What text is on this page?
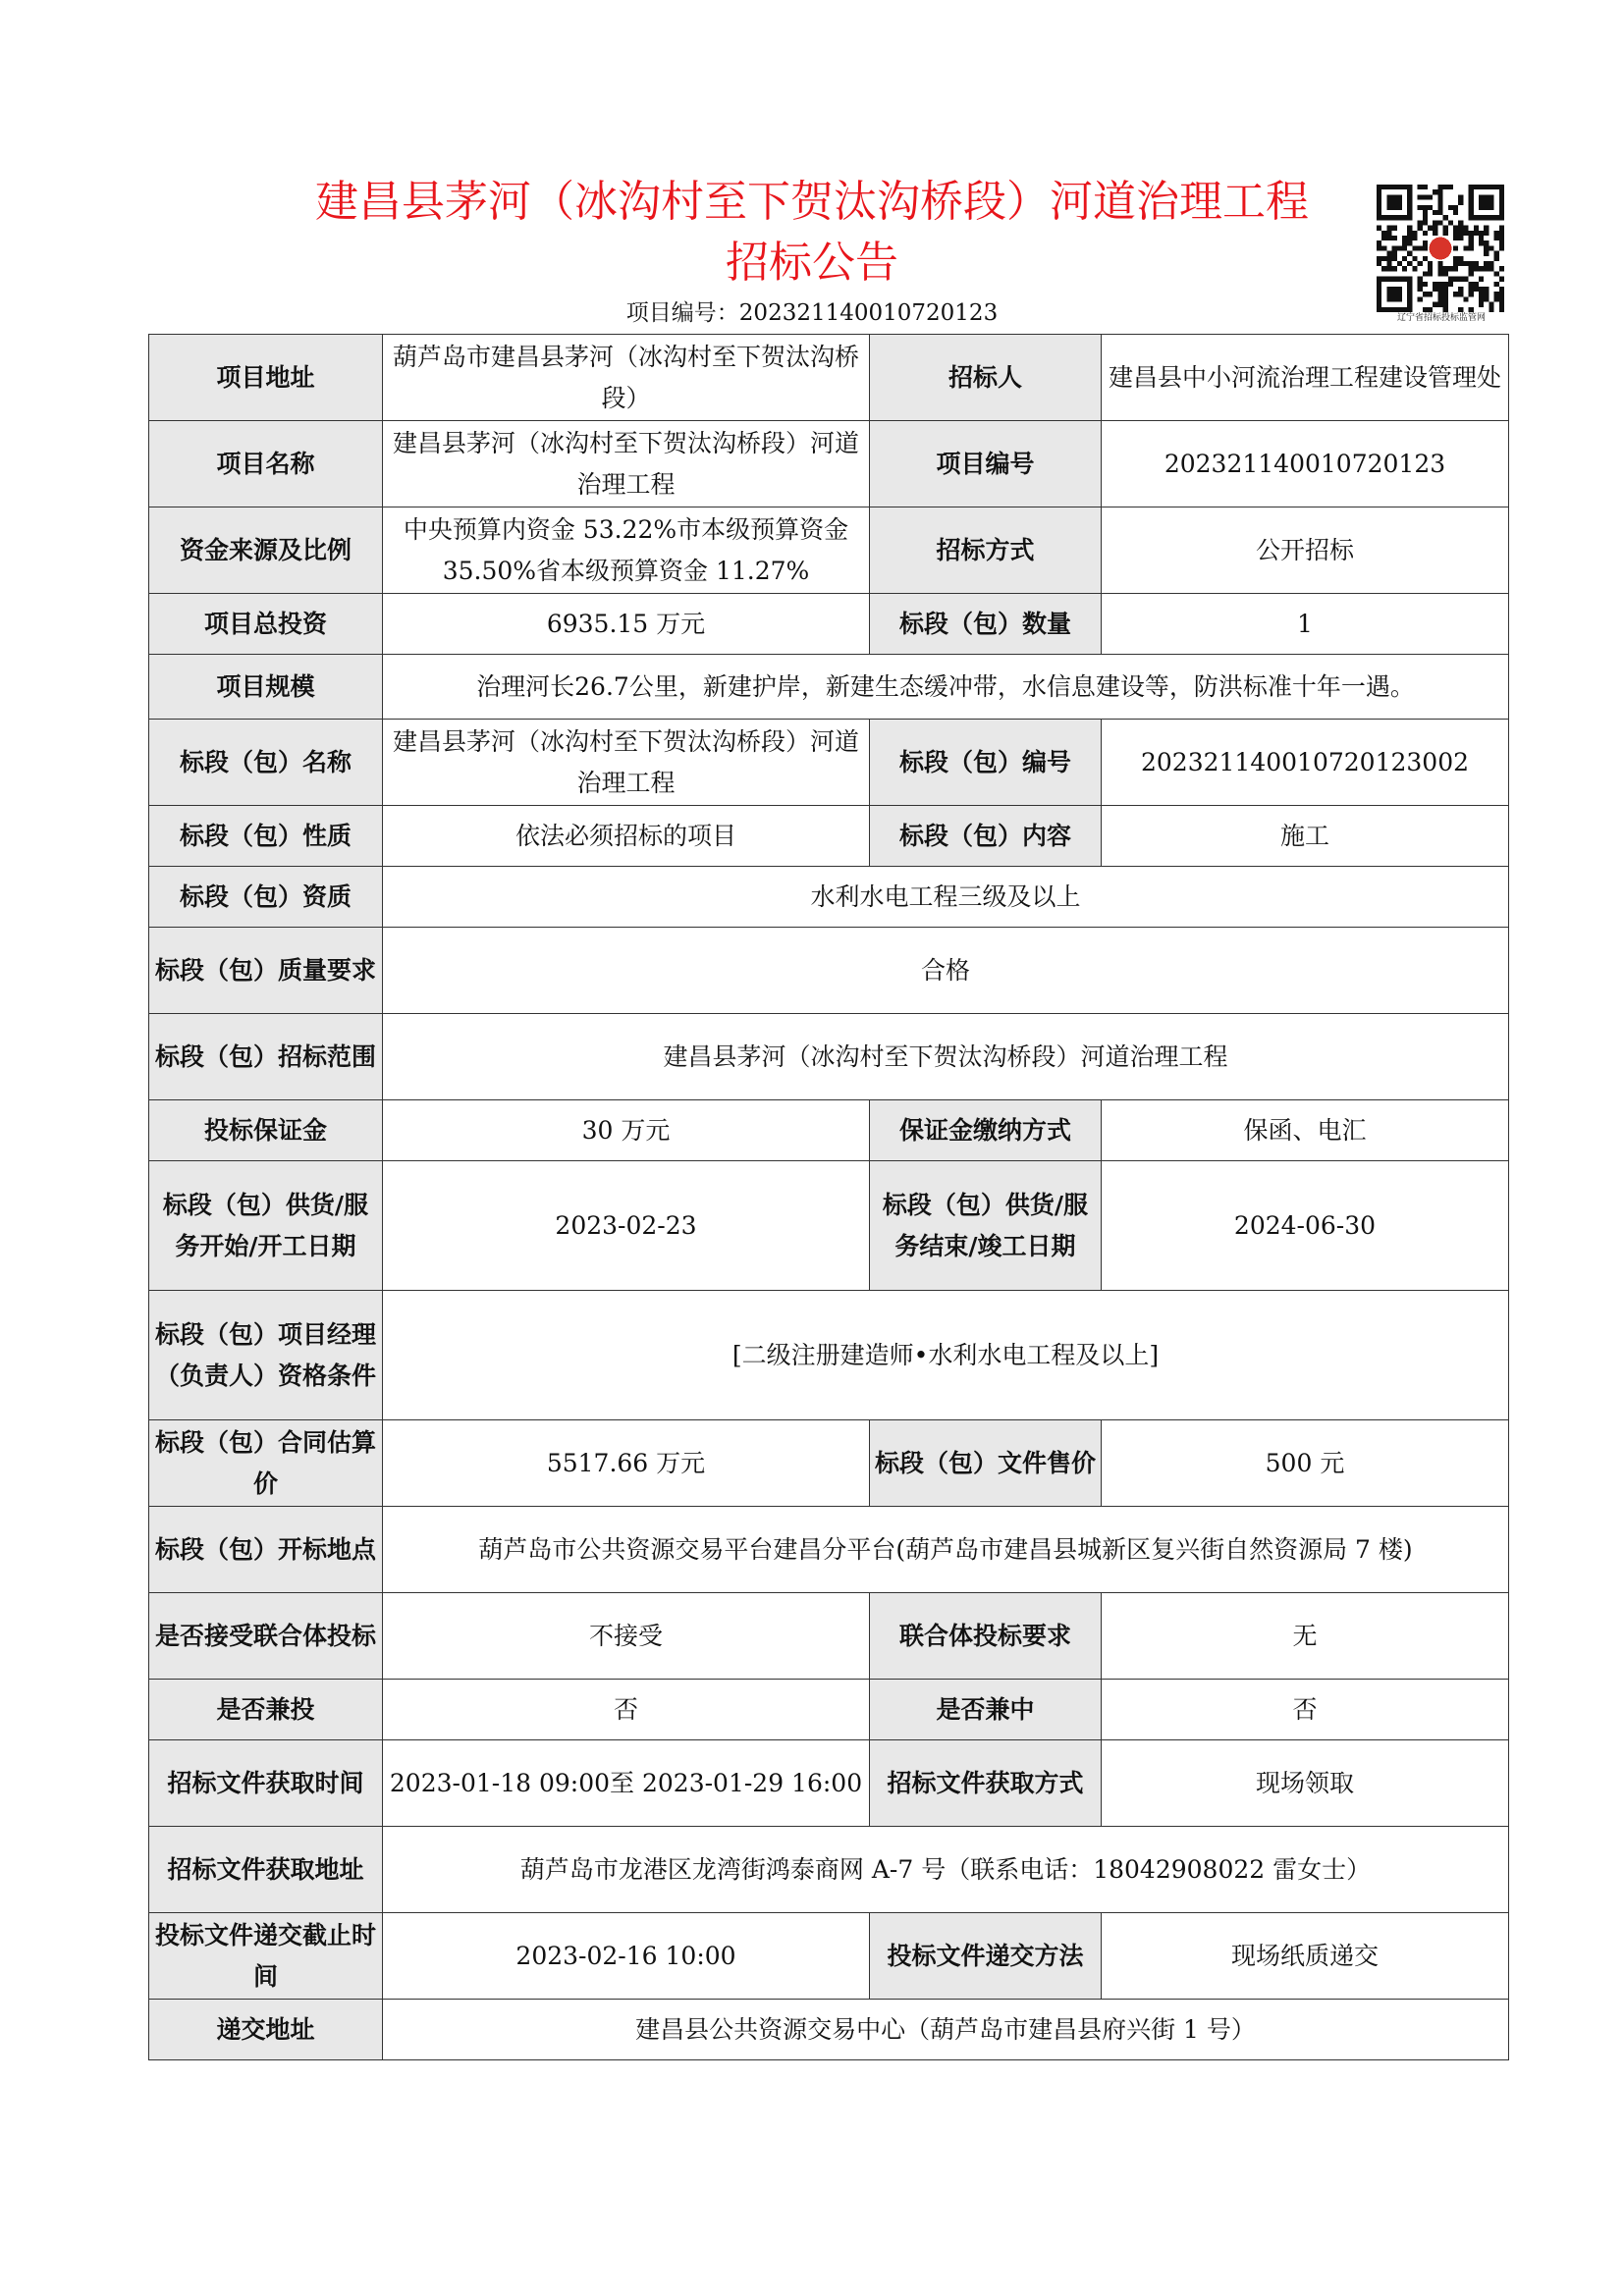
建昌县茅河（冰沟村至下贺汰沟桥段）河道治理工程
招标公告
项目编号：202321140010720123	辽宁省招标投标监管网
项目地址	葫芦岛市建昌县茅河（冰沟村至下贺汰沟桥段）	招标人	建昌县中小河流治理工程建设管理处
项目名称	建昌县茅河（冰沟村至下贺汰沟桥段）河道治理工程	项目编号	202321140010720123
资金来源及比例	中央预算内资金 53.22%市本级预算资金 35.50%省本级预算资金 11.27%	招标方式	公开招标
项目总投资	6935.15 万元	标段（包）数量	1
项目规模	治理河长26.7公里，新建护岸，新建生态缓冲带，水信息建设等，防洪标准十年一遇。		
标段（包）名称	建昌县茅河（冰沟村至下贺汰沟桥段）河道治理工程	标段（包）编号	202321140010720123002
标段（包）性质	依法必须招标的项目	标段（包）内容	施工
标段（包）资质	水利水电工程三级及以上		
标段（包）质量要求	合格		
标段（包）招标范围	建昌县茅河（冰沟村至下贺汰沟桥段）河道治理工程		
投标保证金	30 万元	保证金缴纳方式	保函、电汇
标段（包）供货/服务开始/开工日期	2023-02-23	标段（包）供货/服务结束/竣工日期	2024-06-30
标段（包）项目经理（负责人）资格条件	[二级注册建造师•水利水电工程及以上]		
标段（包）合同估算价	5517.66 万元	标段（包）文件售价	500 元
标段（包）开标地点	葫芦岛市公共资源交易平台建昌分平台(葫芦岛市建昌县城新区复兴街自然资源局 7 楼)		
是否接受联合体投标	不接受	联合体投标要求	无
是否兼投	否	是否兼中	否
招标文件获取时间	2023-01-18 09:00至 2023-01-29 16:00	招标文件获取方式	现场领取
招标文件获取地址	葫芦岛市龙港区龙湾街鸿泰商网 A-7 号（联系电话：18042908022 雷女士）		
投标文件递交截止时间	2023-02-16 10:00	投标文件递交方法	现场纸质递交
递交地址	建昌县公共资源交易中心（葫芦岛市建昌县府兴街 1 号）		
